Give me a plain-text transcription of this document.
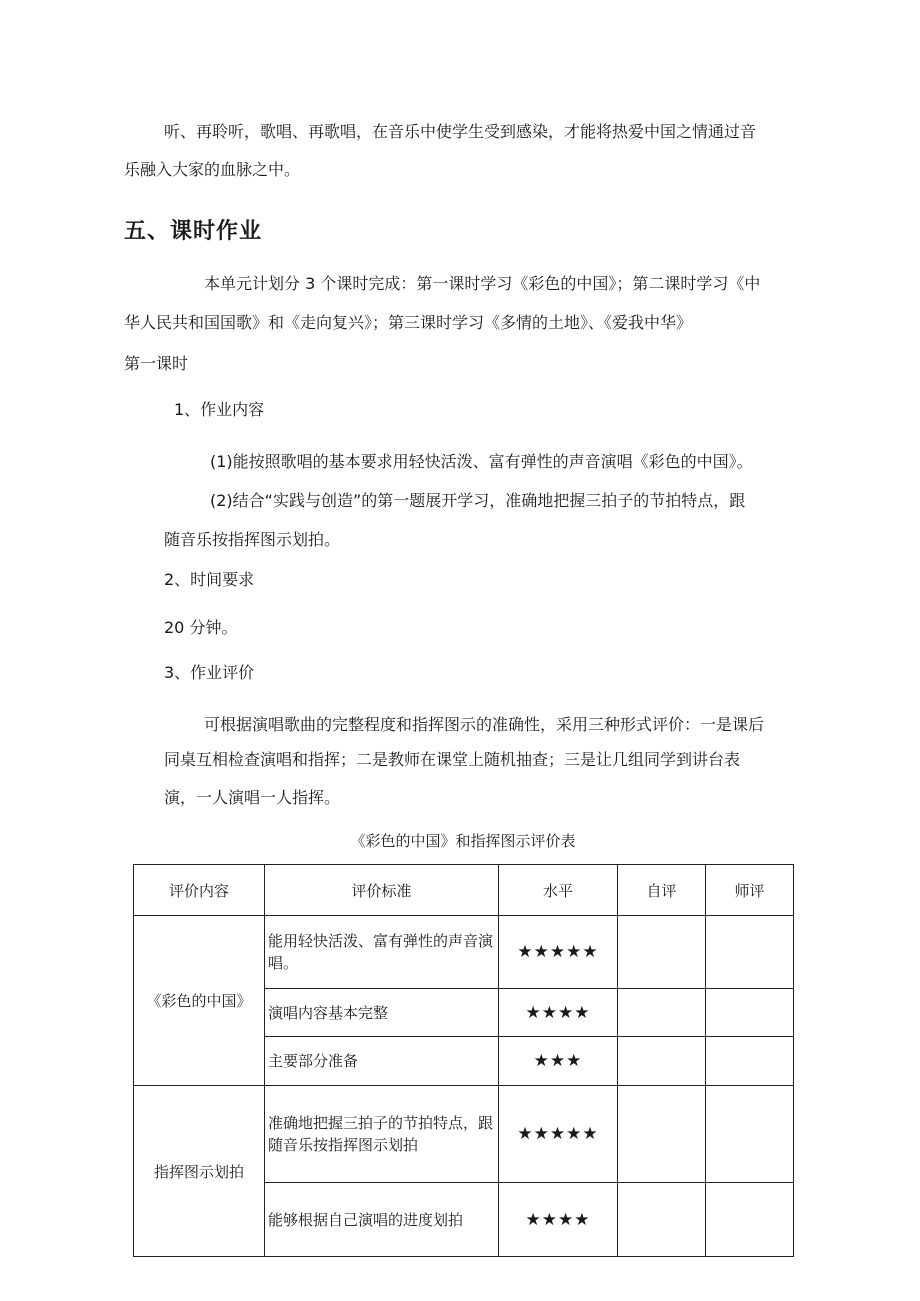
听、再聆听，歌唱、再歌唱，在音乐中使学生受到感染，才能将热爱中国之情通过音

乐融入大家的血脉之中。

五、课时作业

本单元计划分 3 个课时完成：第一课时学习《彩色的中国》；第二课时学习《中

华人民共和国国歌》和《走向复兴》；第三课时学习《多情的土地》、《爱我中华》

第一课时

1、作业内容

(1)能按照歌唱的基本要求用轻快活泼、富有弹性的声音演唱《彩色的中国》。

(2)结合“实践与创造”的第一题展开学习，准确地把握三拍子的节拍特点，跟

随音乐按指挥图示划拍。

2、时间要求

20 分钟。

3、作业评价

可根据演唱歌曲的完整程度和指挥图示的准确性，采用三种形式评价：一是课后

同桌互相检查演唱和指挥；二是教师在课堂上随机抽查；三是让几组同学到讲台表

演，一人演唱一人指挥。

《彩色的中国》和指挥图示评价表
评价内容	评价标准	水平	自评	师评
《彩色的中国》	能用轻快活泼、富有弹性的声音演唱。	★★★★★		
	演唱内容基本完整	★★★★		
	主要部分准备	★★★		
指挥图示划拍	准确地把握三拍子的节拍特点，跟随音乐按指挥图示划拍	★★★★★		
	能够根据自己演唱的进度划拍	★★★★		
